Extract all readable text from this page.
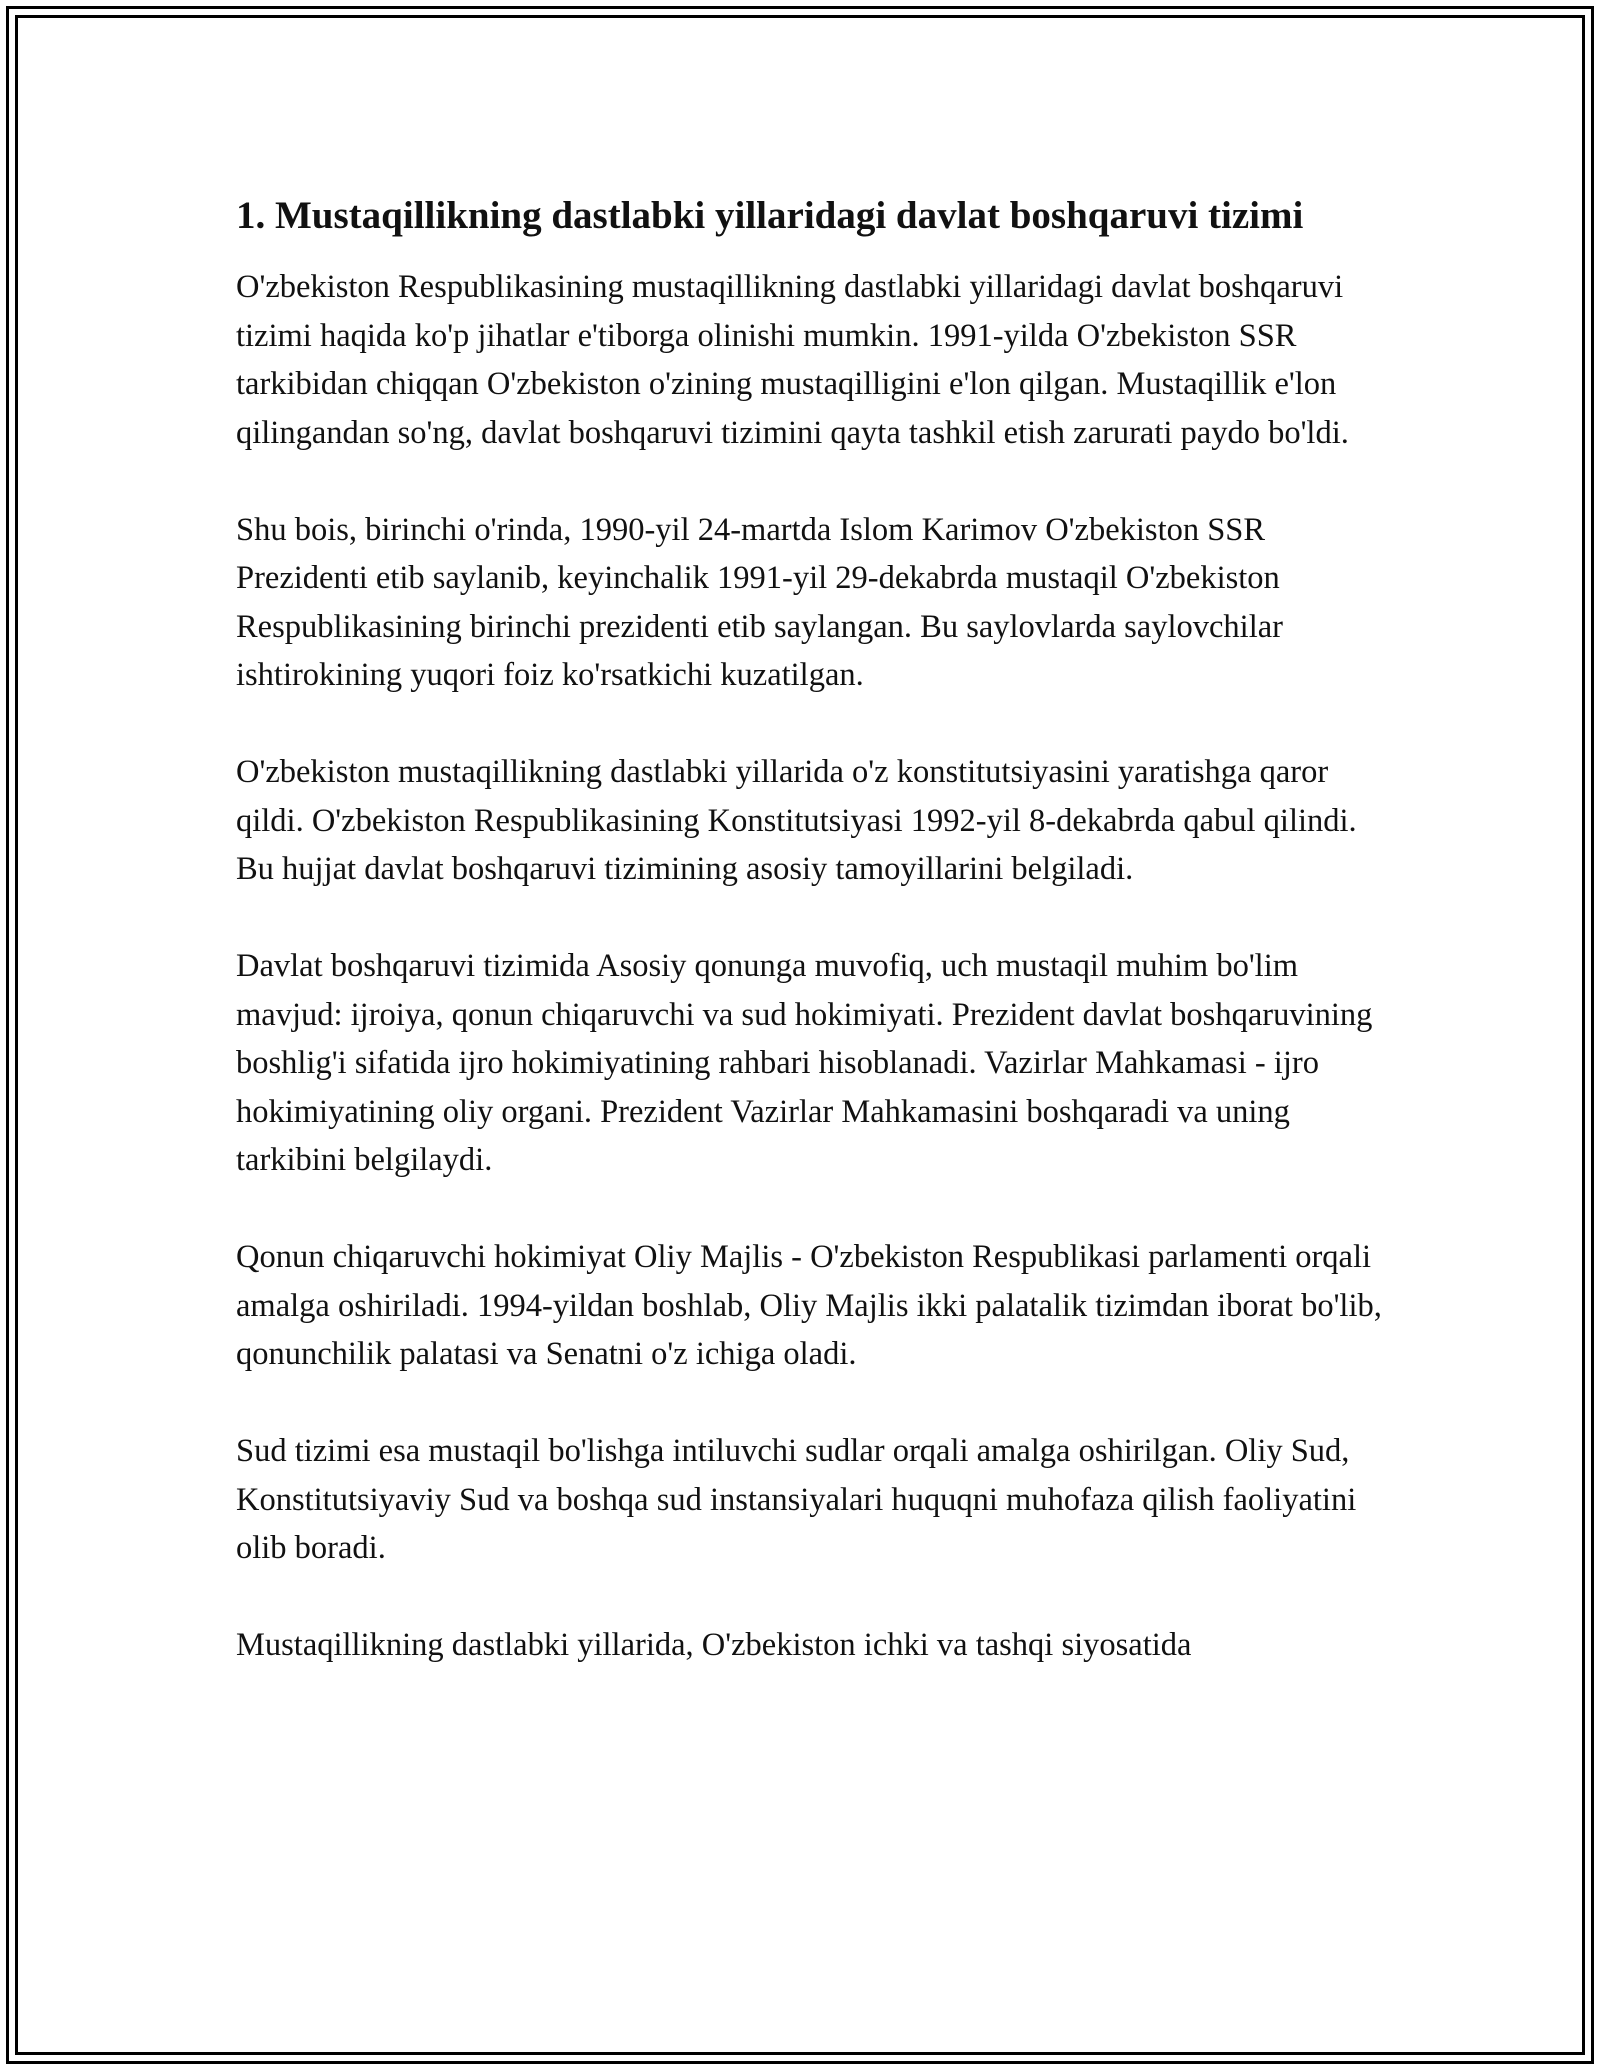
1. Mustaqillikning dastlabki yillaridagi davlat boshqaruvi tizimi

O'zbekiston Respublikasining mustaqillikning dastlabki yillaridagi davlat boshqaruvi tizimi haqida ko'p jihatlar e'tiborga olinishi mumkin. 1991-yilda O'zbekiston SSR tarkibidan chiqqan O'zbekiston o'zining mustaqilligini e'lon qilgan. Mustaqillik e'lon qilingandan so'ng, davlat boshqaruvi tizimini qayta tashkil etish zarurati paydo bo'ldi.

Shu bois, birinchi o'rinda, 1990-yil 24-martda Islom Karimov O'zbekiston SSR Prezidenti etib saylanib, keyinchalik 1991-yil 29-dekabrda mustaqil O'zbekiston Respublikasining birinchi prezidenti etib saylangan. Bu saylovlarda saylovchilar ishtirokining yuqori foiz ko'rsatkichi kuzatilgan.

O'zbekiston mustaqillikning dastlabki yillarida o'z konstitutsiyasini yaratishga qaror qildi. O'zbekiston Respublikasining Konstitutsiyasi 1992-yil 8-dekabrda qabul qilindi. Bu hujjat davlat boshqaruvi tizimining asosiy tamoyillarini belgiladi.

Davlat boshqaruvi tizimida Asosiy qonunga muvofiq, uch mustaqil muhim bo'lim mavjud: ijroiya, qonun chiqaruvchi va sud hokimiyati. Prezident davlat boshqaruvining boshlig'i sifatida ijro hokimiyatining rahbari hisoblanadi. Vazirlar Mahkamasi - ijro hokimiyatining oliy organi. Prezident Vazirlar Mahkamasini boshqaradi va uning tarkibini belgilaydi.

Qonun chiqaruvchi hokimiyat Oliy Majlis - O'zbekiston Respublikasi parlamenti orqali amalga oshiriladi. 1994-yildan boshlab, Oliy Majlis ikki palatalik tizimdan iborat bo'lib, qonunchilik palatasi va Senatni o'z ichiga oladi.

Sud tizimi esa mustaqil bo'lishga intiluvchi sudlar orqali amalga oshirilgan. Oliy Sud, Konstitutsiyaviy Sud va boshqa sud instansiyalari huquqni muhofaza qilish faoliyatini olib boradi.

Mustaqillikning dastlabki yillarida, O'zbekiston ichki va tashqi siyosatida
